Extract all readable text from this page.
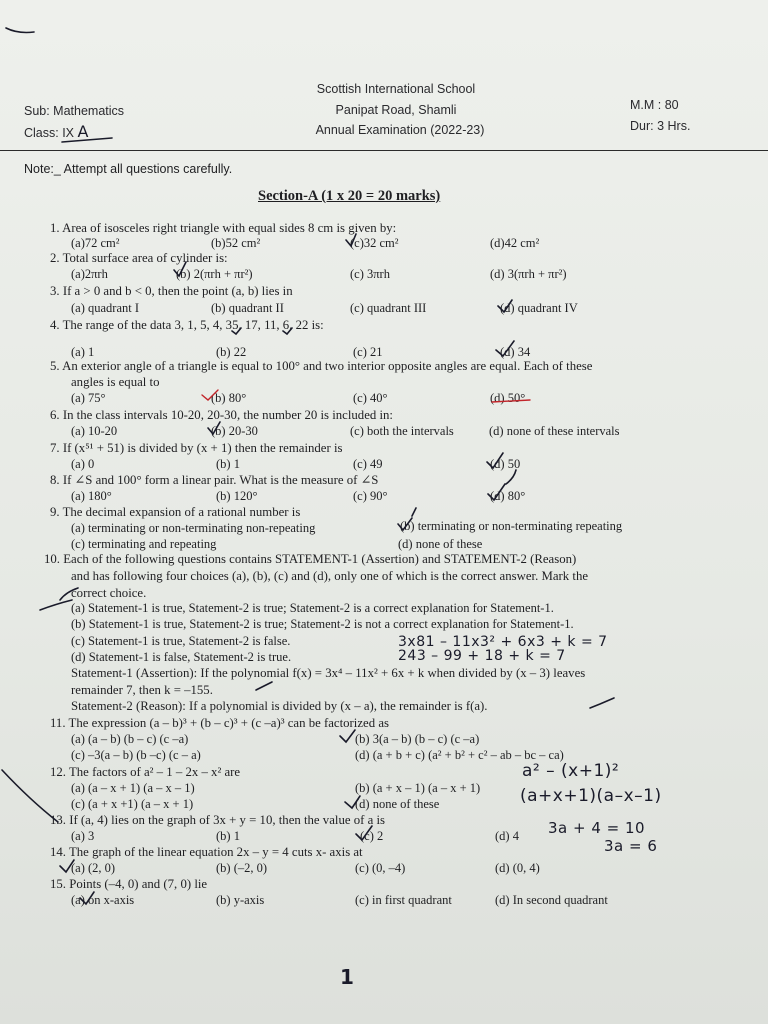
Scottish International School
Panipat Road, Shamli
Annual Examination (2022-23)
Sub: Mathematics
Class: IX A
M.M : 80
Dur: 3 Hrs.
Note:_ Attempt all questions carefully.
Section-A (1 x 20 = 20 marks)
1. Area of isosceles right triangle with equal sides 8 cm is given by:
(a)72 cm²	(b)52 cm²	(c)32 cm²	(d)42 cm²
2. Total surface area of cylinder is:
(a)2πrh	(b) 2(πrh + πr²)	(c) 3πrh	(d) 3(πrh + πr²)
3. If a > 0 and b < 0, then the point (a, b) lies in
(a) quadrant I	(b) quadrant II	(c) quadrant III	(d) quadrant IV
4. The range of the data 3, 1, 5, 4, 35, 17, 11, 6, 22 is:
(a) 1	(b) 22	(c) 21	(d) 34
5. An exterior angle of a triangle is equal to 100° and two interior opposite angles are equal. Each of these
angles is equal to
(a) 75°	(b) 80°	(c) 40°	(d) 50°
6. In the class intervals 10-20, 20-30, the number 20 is included in:
(a) 10-20	(b) 20-30	(c) both the intervals	(d) none of these intervals
7. If (x⁵¹ + 51) is divided by (x + 1) then the remainder is
(a) 0	(b) 1	(c) 49	(d) 50
8. If ∠S and 100° form a linear pair. What is the measure of ∠S
(a) 180°	(b) 120°	(c) 90°	(d) 80°
9. The decimal expansion of a rational number is
(a) terminating or non-terminating non-repeating	(b) terminating or non-terminating repeating
(c) terminating and repeating	(d) none of these
10. Each of the following questions contains STATEMENT-1 (Assertion) and STATEMENT-2 (Reason)
and has following four choices (a), (b), (c) and (d), only one of which is the correct answer. Mark the
correct choice.
(a) Statement-1 is true, Statement-2 is true; Statement-2 is a correct explanation for Statement-1.
(b) Statement-1 is true, Statement-2 is true; Statement-2 is not a correct explanation for Statement-1.
(c) Statement-1 is true, Statement-2 is false.
(d) Statement-1 is false, Statement-2 is true.
Statement-1 (Assertion): If the polynomial f(x) = 3x⁴ – 11x² + 6x + k when divided by (x – 3) leaves
remainder 7, then k = –155.
Statement-2 (Reason): If a polynomial is divided by (x – a), the remainder is f(a).
11. The expression (a – b)³ + (b – c)³ + (c –a)³ can be factorized as
(a) (a – b) (b – c) (c –a)	(b) 3(a – b) (b – c) (c –a)
(c) –3(a – b) (b –c) (c – a)	(d) (a + b + c) (a² + b² + c² – ab – bc – ca)
12. The factors of a² – 1 – 2x – x² are
(a) (a – x + 1) (a – x – 1)	(b) (a + x – 1) (a – x + 1)
(c) (a + x +1) (a – x + 1)	(d) none of these
13. If (a, 4) lies on the graph of 3x + y = 10, then the value of a is
(a) 3	(b) 1	(c) 2	(d) 4
14. The graph of the linear equation 2x – y = 4 cuts x- axis at
(a) (2, 0)	(b) (–2, 0)	(c) (0, –4)	(d) (0, 4)
15. Points (–4, 0) and (7, 0) lie
(a) on x-axis	(b) y-axis	(c) in first quadrant	(d) In second quadrant
3x81 – 11x3² + 6x3 + k = 7
243 – 99 + 18 + k = 7
a² – (x+1)²
(a+x+1)(a–x–1)
3a + 4 = 10
3a = 6
1
